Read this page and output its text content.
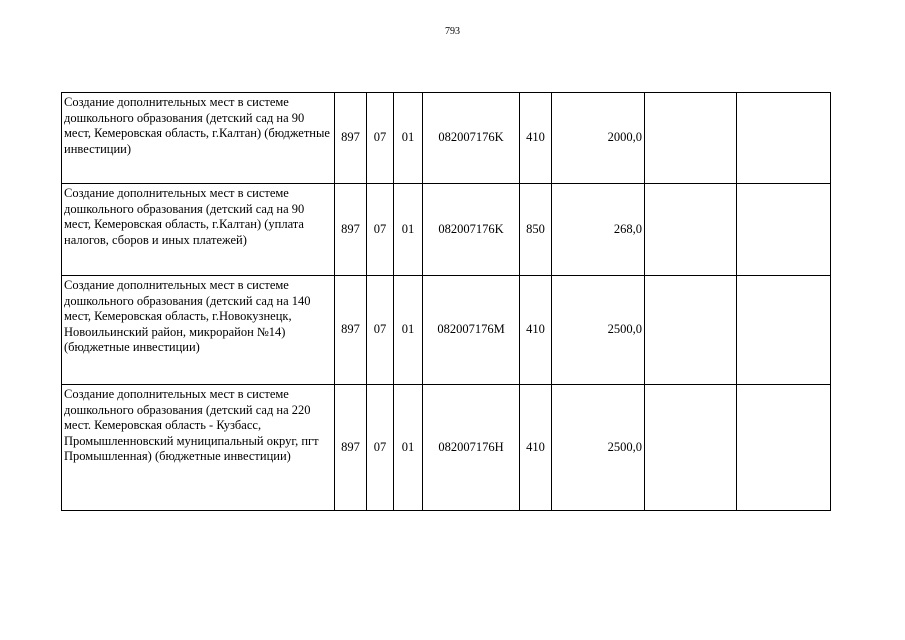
793
Создание дополнительных мест в системе дошкольного образования (детский сад на 90 мест, Кемеровская область, г.Калтан) (бюджетные инвестиции)	897	07	01	082007176K	410	2000,0		
Создание дополнительных мест в системе дошкольного образования (детский сад на 90 мест, Кемеровская область, г.Калтан) (уплата налогов, сборов и иных платежей)	897	07	01	082007176K	850	268,0		
Создание дополнительных мест в системе дошкольного образования (детский сад на 140 мест, Кемеровская область, г.Новокузнецк, Новоильинский район, микрорайон №14) (бюджетные инвестиции)	897	07	01	082007176M	410	2500,0		
Создание дополнительных мест в системе дошкольного образования (детский сад на 220 мест. Кемеровская область - Кузбасс, Промышленновский муниципальный округ, пгт Промышленная) (бюджетные инвестиции)	897	07	01	082007176H	410	2500,0		
